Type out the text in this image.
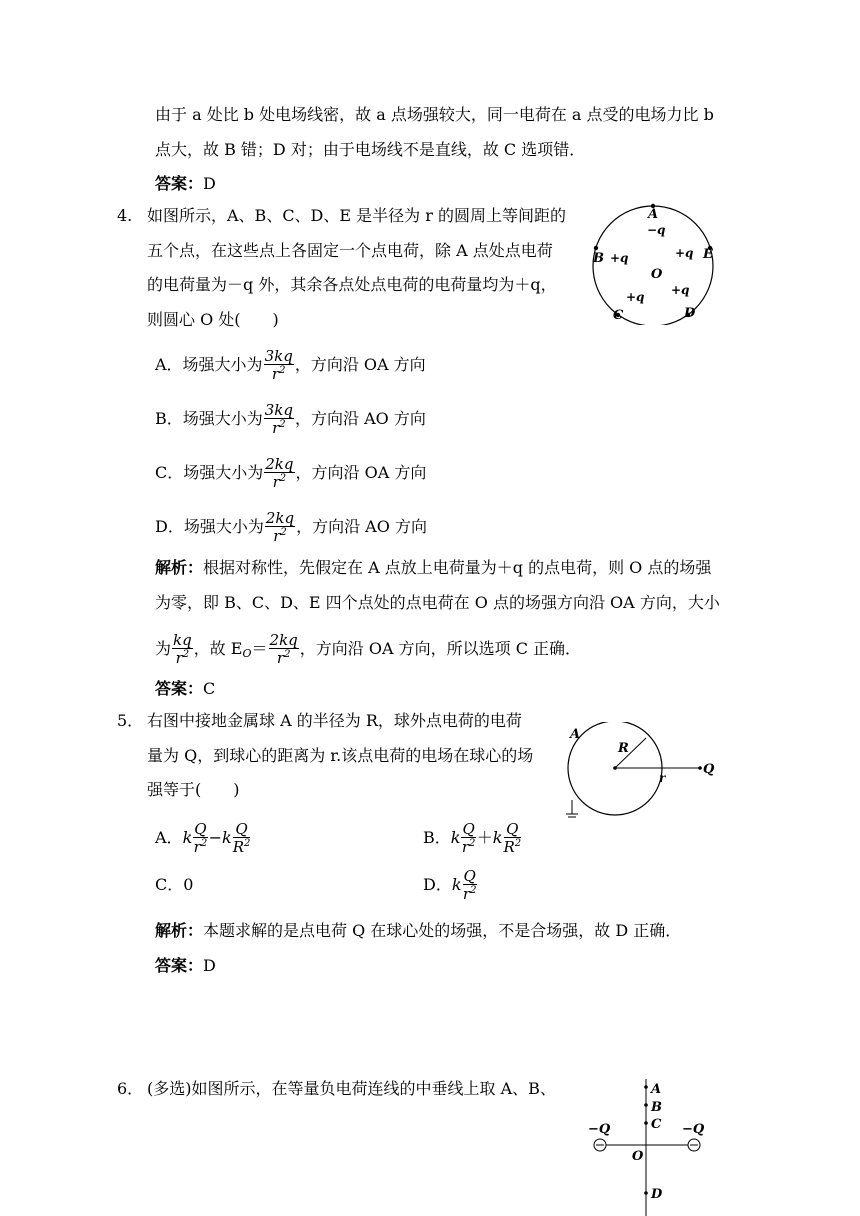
由于 a 处比 b 处电场线密，故 a 点场强较大，同一电荷在 a 点受的电场力比 b
点大，故 B 错；D 对；由于电场线不是直线，故 C 选项错．
答案：D
4. 如图所示，A、B、C、D、E 是半径为 r 的圆周上等间距的
五个点，在这些点上各固定一个点电荷，除 A 点处点电荷
的电荷量为－q 外，其余各点处点电荷的电荷量均为＋q，
则圆心 O 处(　　)
A．场强大小为 $\frac{3kq}{r^2}$ ，方向沿 OA 方向
B．场强大小为 $\frac{3kq}{r^2}$ ，方向沿 AO 方向
C．场强大小为 $\frac{2kq}{r^2}$ ，方向沿 OA 方向
D．场强大小为 $\frac{2kq}{r^2}$ ，方向沿 AO 方向
解析：根据对称性，先假定在 A 点放上电荷量为＋q 的点电荷，则 O 点的场强
为零，即 B、C、D、E 四个点处的点电荷在 O 点的场强方向沿 OA 方向，大小
为 $\frac{kq}{r^2}$ ，故 $E_O= \frac{2kq}{r^2}$ ，方向沿 OA 方向，所以选项 C 正确．
答案：C
A
−q
B +q	+q E
O
+q +q
C	D
5． 右图中接地金属球 A 的半径为 R，球外点电荷的电荷
量为 Q，到球心的距离为 r.该点电荷的电场在球心的场
强等于(　　)
A．k $\frac{Q}{r^2} -k \frac{Q}{R^2}$	B．k $\frac{Q}{r^2} +k \frac{Q}{R^2}$
C．0	D．k $\frac{Q}{r^2}$
解析：本题求解的是点电荷 Q 在球心处的场强，不是合场强，故 D 正确．
答案：D
A
R
r
Q
6． (多选)如图所示，在等量负电荷连线的中垂线上取 A、B、	A
B
C
O
D
−Q	−Q
